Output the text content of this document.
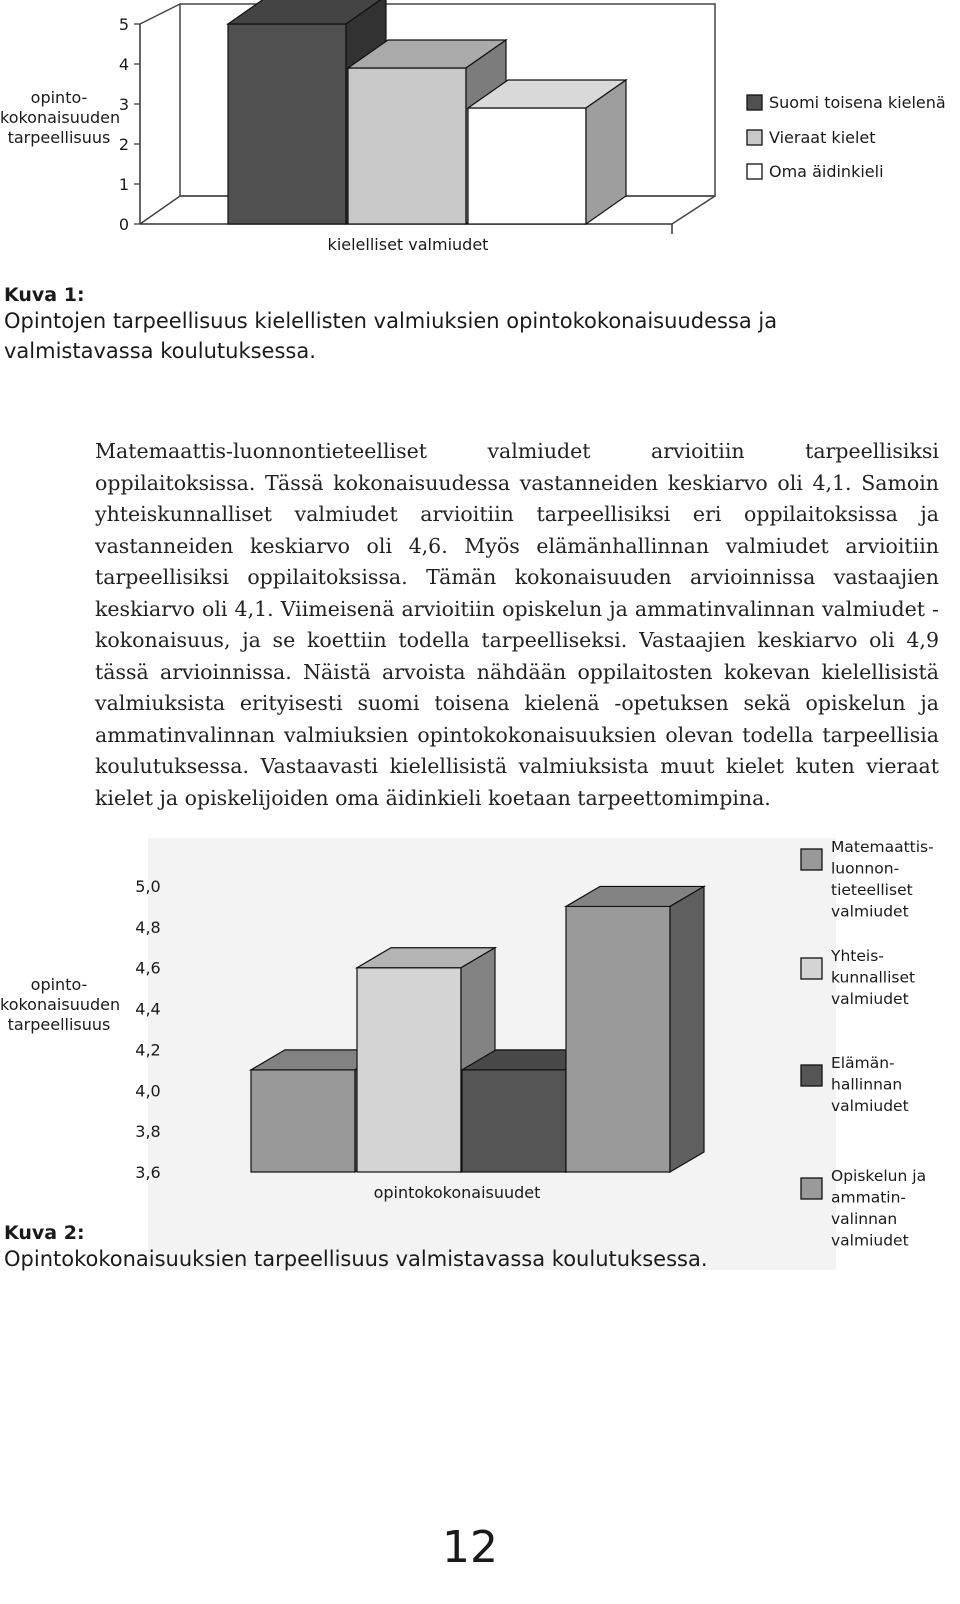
opinto-
kokonaisuuden
tarpeellisuus
0
1
2
3
4
5
kielelliset valmiudet
Suomi toisena kielenä
Vieraat kielet
Oma äidinkieli
Kuva 1:
Opintojen tarpeellisuus kielellisten valmiuksien opintokokonaisuudessa ja valmistavassa koulutuksessa.
Matemaattis-luonnontieteelliset valmiudet arvioitiin tarpeellisiksi oppilaitoksissa. Tässä kokonaisuudessa vastanneiden keskiarvo oli 4,1. Samoin yhteiskunnalliset valmiudet arvioitiin tarpeellisiksi eri oppilaitoksissa ja vastanneiden keskiarvo oli 4,6. Myös elämänhallinnan valmiudet arvioitiin tarpeellisiksi oppilaitoksissa. Tämän kokonaisuuden arvioinnissa vastaajien keskiarvo oli 4,1. Viimeisenä arvioitiin opiskelun ja ammatinvalinnan valmiudet -kokonaisuus, ja se koettiin todella tarpeelliseksi. Vastaajien keskiarvo oli 4,9 tässä arvioinnissa. Näistä arvoista nähdään oppilaitosten kokevan kielellisistä valmiuksista erityisesti suomi toisena kielenä -opetuksen sekä opiskelun ja ammatinvalinnan valmiuksien opintokokonaisuuksien olevan todella tarpeellisia koulutuksessa. Vastaavasti kielellisistä valmiuksista muut kielet kuten vieraat kielet ja opiskelijoiden oma äidinkieli koetaan tarpeettomimpina.
opinto-
kokonaisuuden
tarpeellisuus
3,6
3,8
4,0
4,2
4,4
4,6
4,8
5,0
opintokokonaisuudet
Matemaattis-luonnon-tieteelliset valmiudet
Yhteis-kunnalliset valmiudet
Elämän-hallinnan valmiudet
Opiskelun ja ammatin-valinnan valmiudet
Kuva 2:
Opintokokonaisuuksien tarpeellisuus valmistavassa koulutuksessa.
12
